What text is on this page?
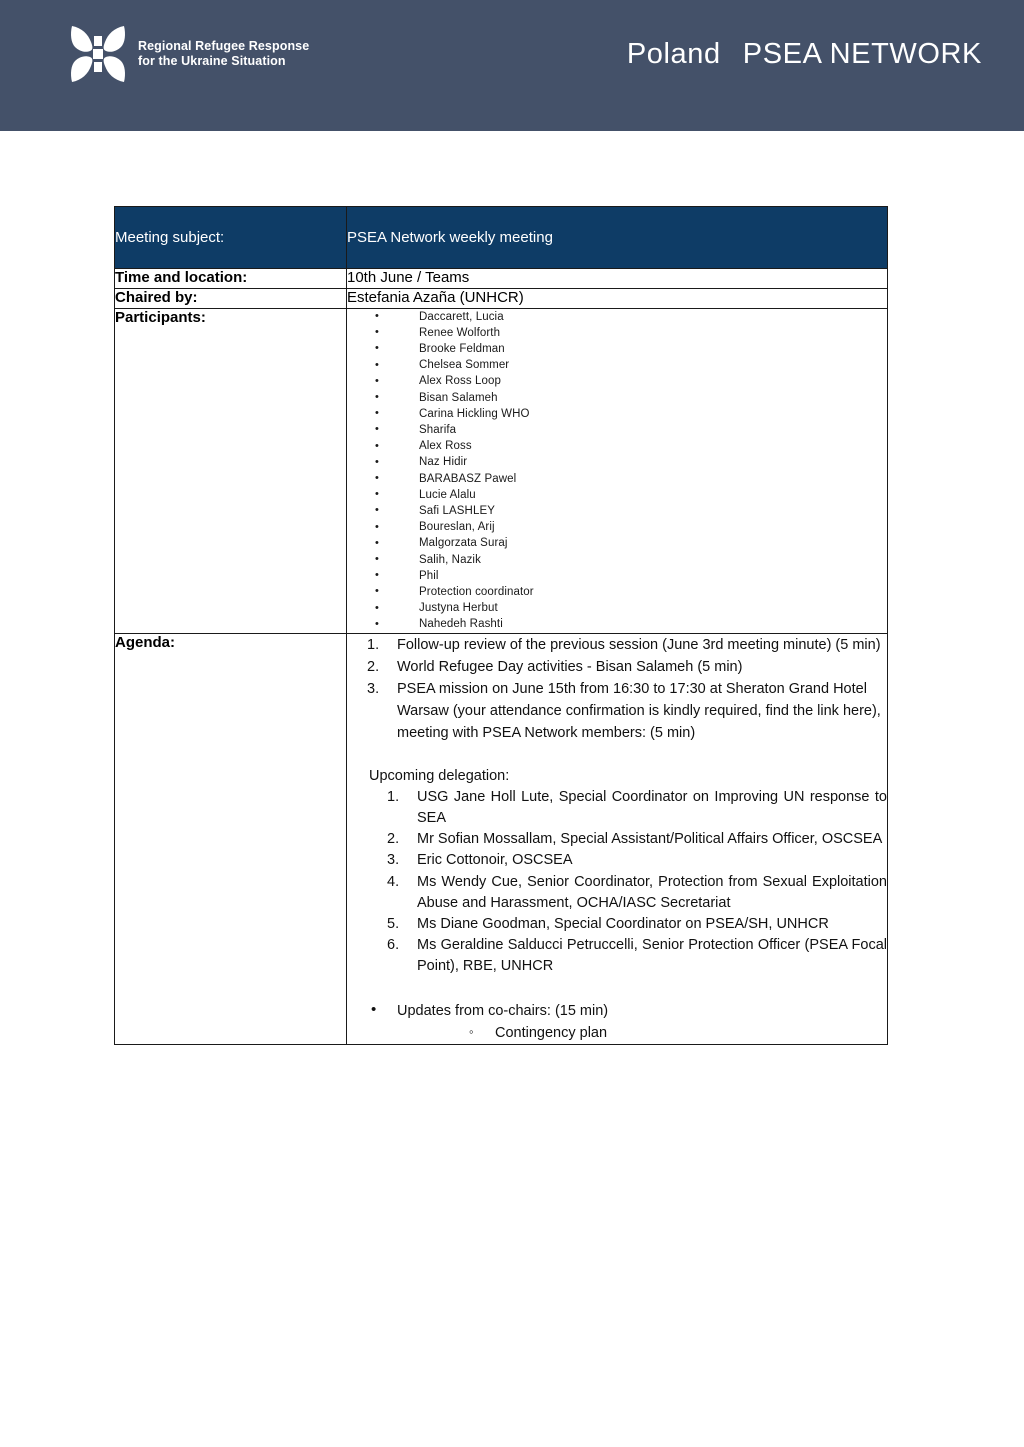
Regional Refugee Response
for the Ukraine Situation	Poland PSEA NETWORK
Meeting subject:	PSEA Network weekly meeting

Time and location:	10th June / Teams

Chaired by:	Estefania Azaña (UNHCR)

Participants:

•Daccarett, Lucia
• Renee Wolforth
• Brooke Feldman
• Chelsea Sommer
• Alex Ross Loop
• Bisan Salameh
• Carina Hickling WHO
• Sharifa
• Alex Ross
• Naz Hidir
• BARABASZ Pawel
• Lucie Alalu
• Safi LASHLEY
• Boureslan, Arij
• Malgorzata Suraj
• Salih, Nazik
• Phil
• Protection coordinator
• Justyna Herbut
• Nahedeh Rashti

Agenda:	1. Follow-up review of the previous session (June 3rd meeting minute) (5 min)
2. World Refugee Day activities - Bisan Salameh (5 min)
3. PSEA mission on June 15th from 16:30 to 17:30 at Sheraton Grand Hotel Warsaw (your attendance confirmation is kindly required, find the link here), meeting with PSEA Network members: (5 min)
Upcoming delegation:
1. USG Jane Holl Lute, Special Coordinator on Improving UN response to SEA
2. Mr Sofian Mossallam, Special Assistant/Political Affairs Officer, OSCSEA
3. Eric Cottonoir, OSCSEA
4. Ms Wendy Cue, Senior Coordinator, Protection from Sexual Exploitation Abuse and Harassment, OCHA/IASC Secretariat
5. Ms Diane Goodman, Special Coordinator on PSEA/SH, UNHCR
6. Ms Geraldine Salducci Petruccelli, Senior Protection Officer (PSEA Focal Point), RBE, UNHCR
• Updates from co-chairs: (15 min)
◦ Contingency plan
